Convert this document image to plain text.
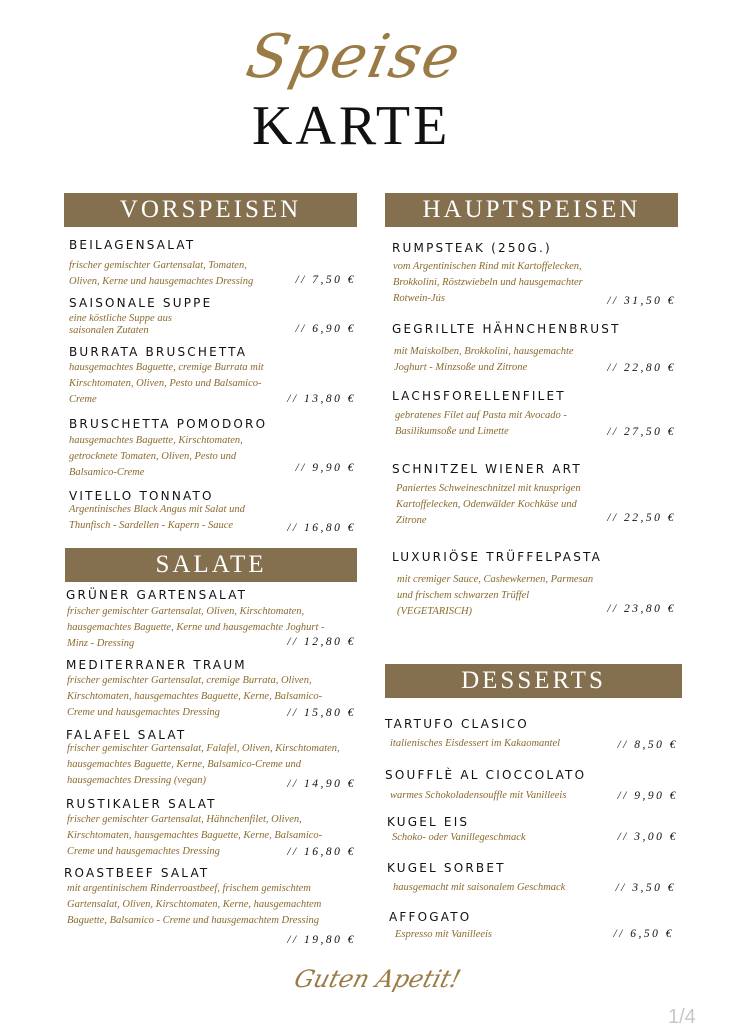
Speise
KARTE
VORSPEISEN
SALATE
HAUPTSPEISEN
DESSERTS
BEILAGENSALAT
frischer gemischter Gartensalat, Tomaten, Oliven, Kerne und hausgemachtes Dressing	// 7,50 €
SAISONALE SUPPE
eine köstliche Suppe aus saisonalen Zutaten	// 6,90 €
BURRATA BRUSCHETTA
hausgemachtes Baguette, cremige Burrata mit Kirschtomaten, Oliven, Pesto und Balsamico-Creme	// 13,80 €
BRUSCHETTA POMODORO
hausgemachtes Baguette, Kirschtomaten, getrocknete Tomaten, Oliven, Pesto und Balsamico-Creme	// 9,90 €
VITELLO TONNATO
Argentinisches Black Angus mit Salat und Thunfisch - Sardellen - Kapern - Sauce	// 16,80 €
GRÜNER GARTENSALAT
frischer gemischter Gartensalat, Oliven, Kirschtomaten, hausgemachtes Baguette, Kerne und hausgemachte Joghurt - Minz - Dressing	// 12,80 €
MEDITERRANER TRAUM
frischer gemischter Gartensalat, cremige Burrata, Oliven, Kirschtomaten, hausgemachtes Baguette, Kerne, Balsamico-Creme und hausgemachtes Dressing	// 15,80 €
FALAFEL SALAT
frischer gemischter Gartensalat, Falafel, Oliven, Kirschtomaten, hausgemachtes Baguette, Kerne, Balsamico-Creme und hausgemachtes Dressing (vegan)	// 14,90 €
RUSTIKALER SALAT
frischer gemischter Gartensalat, Hähnchenfilet, Oliven, Kirschtomaten, hausgemachtes Baguette, Kerne, Balsamico-Creme und hausgemachtes Dressing	// 16,80 €
ROASTBEEF SALAT
mit argentinischem Rinderroastbeef, frischem gemischtem Gartensalat, Oliven, Kirschtomaten, Kerne, hausgemachtem Baguette, Balsamico - Creme und hausgemachtem Dressing
// 19,80 €
RUMPSTEAK (250G.)
vom Argentinischen Rind mit Kartoffelecken, Brokkolini, Röstzwiebeln und hausgemachter Rotwein-Jús	// 31,50 €
GEGRILLTE HÄHNCHENBRUST
mit Maiskolben, Brokkolini, hausgemachte Joghurt - Minzsoße und Zitrone	// 22,80 €
LACHSFORELLENFILET
gebratenes Filet auf Pasta mit Avocado - Basilikumsoße und Limette	// 27,50 €
SCHNITZEL WIENER ART
Paniertes Schweineschnitzel mit knusprigen Kartoffelecken, Odenwälder Kochkäse und Zitrone	// 22,50 €
LUXURIÖSE TRÜFFELPASTA
mit cremiger Sauce, Cashewkernen, Parmesan und frischem schwarzen Trüffel (VEGETARISCH)	// 23,80 €
TARTUFO CLASICO
italienisches Eisdessert im Kakaomantel	// 8,50 €
SOUFFLÈ AL CIOCCOLATO
warmes Schokoladensouffle mit Vanilleeis	// 9,90 €
KUGEL EIS
Schoko- oder Vanillegeschmack	// 3,00 €
KUGEL SORBET
hausgemacht mit saisonalem Geschmack	// 3,50 €
AFFOGATO
Espresso mit Vanilleeis	// 6,50 €
Guten Apetit!
1/4
